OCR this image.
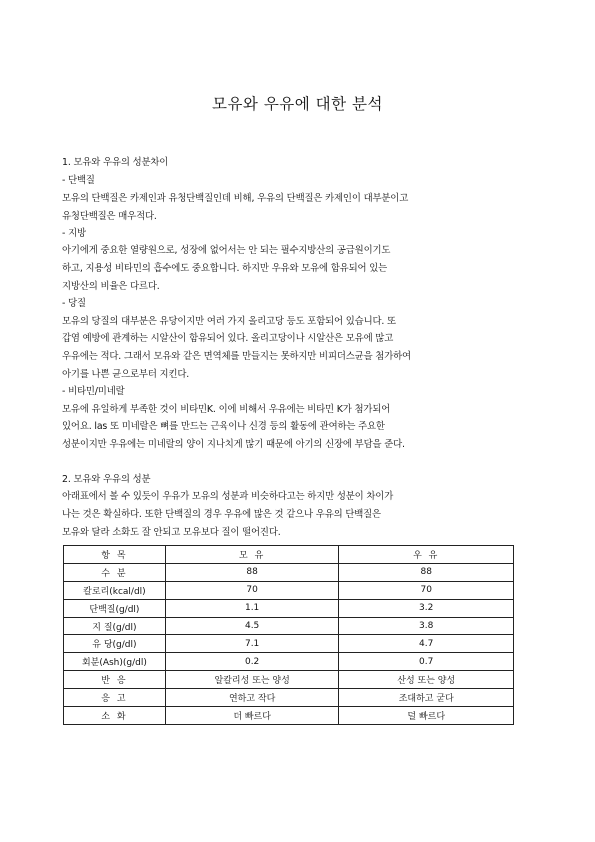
모유와 우유에 대한 분석
1. 모유와 우유의 성분차이
- 단백질
모유의 단백질은 카제인과 유청단백질인데 비해, 우유의 단백질은 카제인이 대부분이고
유청단백질은 매우적다.
- 지방
아기에게 중요한 열량원으로, 성장에 없어서는 안 되는 필수지방산의 공급원이기도
하고, 지용성 비타민의 흡수에도 중요합니다. 하지만 우유와 모유에 함유되어 있는
지방산의 비율은 다르다.
- 당질
모유의 당질의 대부분은 유당이지만 여러 가지 올리고당 등도 포함되어 있습니다. 또
갑염 예방에 관계하는 시알산이 함유되어 있다. 올리고당이나 시알산은 모유에 많고
우유에는 적다. 그래서 모유와 같은 면역체를 만들지는 못하지만 비피더스균을 첨가하여
아기를 나쁜 균으로부터 지킨다.
- 비타민/미네랄
모유에 유일하게 부족한 것이 비타민K. 이에 비해서 우유에는 비타민 K가 첨가되어
있어요. las 또 미네랄은 뼈를 만드는 근육이나 신경 등의 활동에 관여하는 주요한
성분이지만 우유에는 미네랄의 양이 지나치게 많기 때문에 아기의 신장에 부담을 준다.
2. 모유와 우유의 성분
아래표에서 볼 수 있듯이 우유가 모유의 성분과 비슷하다고는 하지만 성분이 차이가
나는 것은 확실하다. 또한 단백질의 경우 우유에 많은 것 같으나 우유의 단백질은
모유와 달라 소화도 잘 안되고 모유보다 질이 떨어진다.
항 목	모 유	우 유
수 분	88	88
칼로리(kcal/dl)	70	70
단백질(g/dl)	1.1	3.2
지 질(g/dl)	4.5	3.8
유 당(g/dl)	7.1	4.7
회분(Ash)(g/dl)	0.2	0.7
반 응	알칼리성 또는 양성	산성 또는 양성
응 고	연하고 작다	조대하고 굳다
소 화	더 빠르다	덜 빠르다
